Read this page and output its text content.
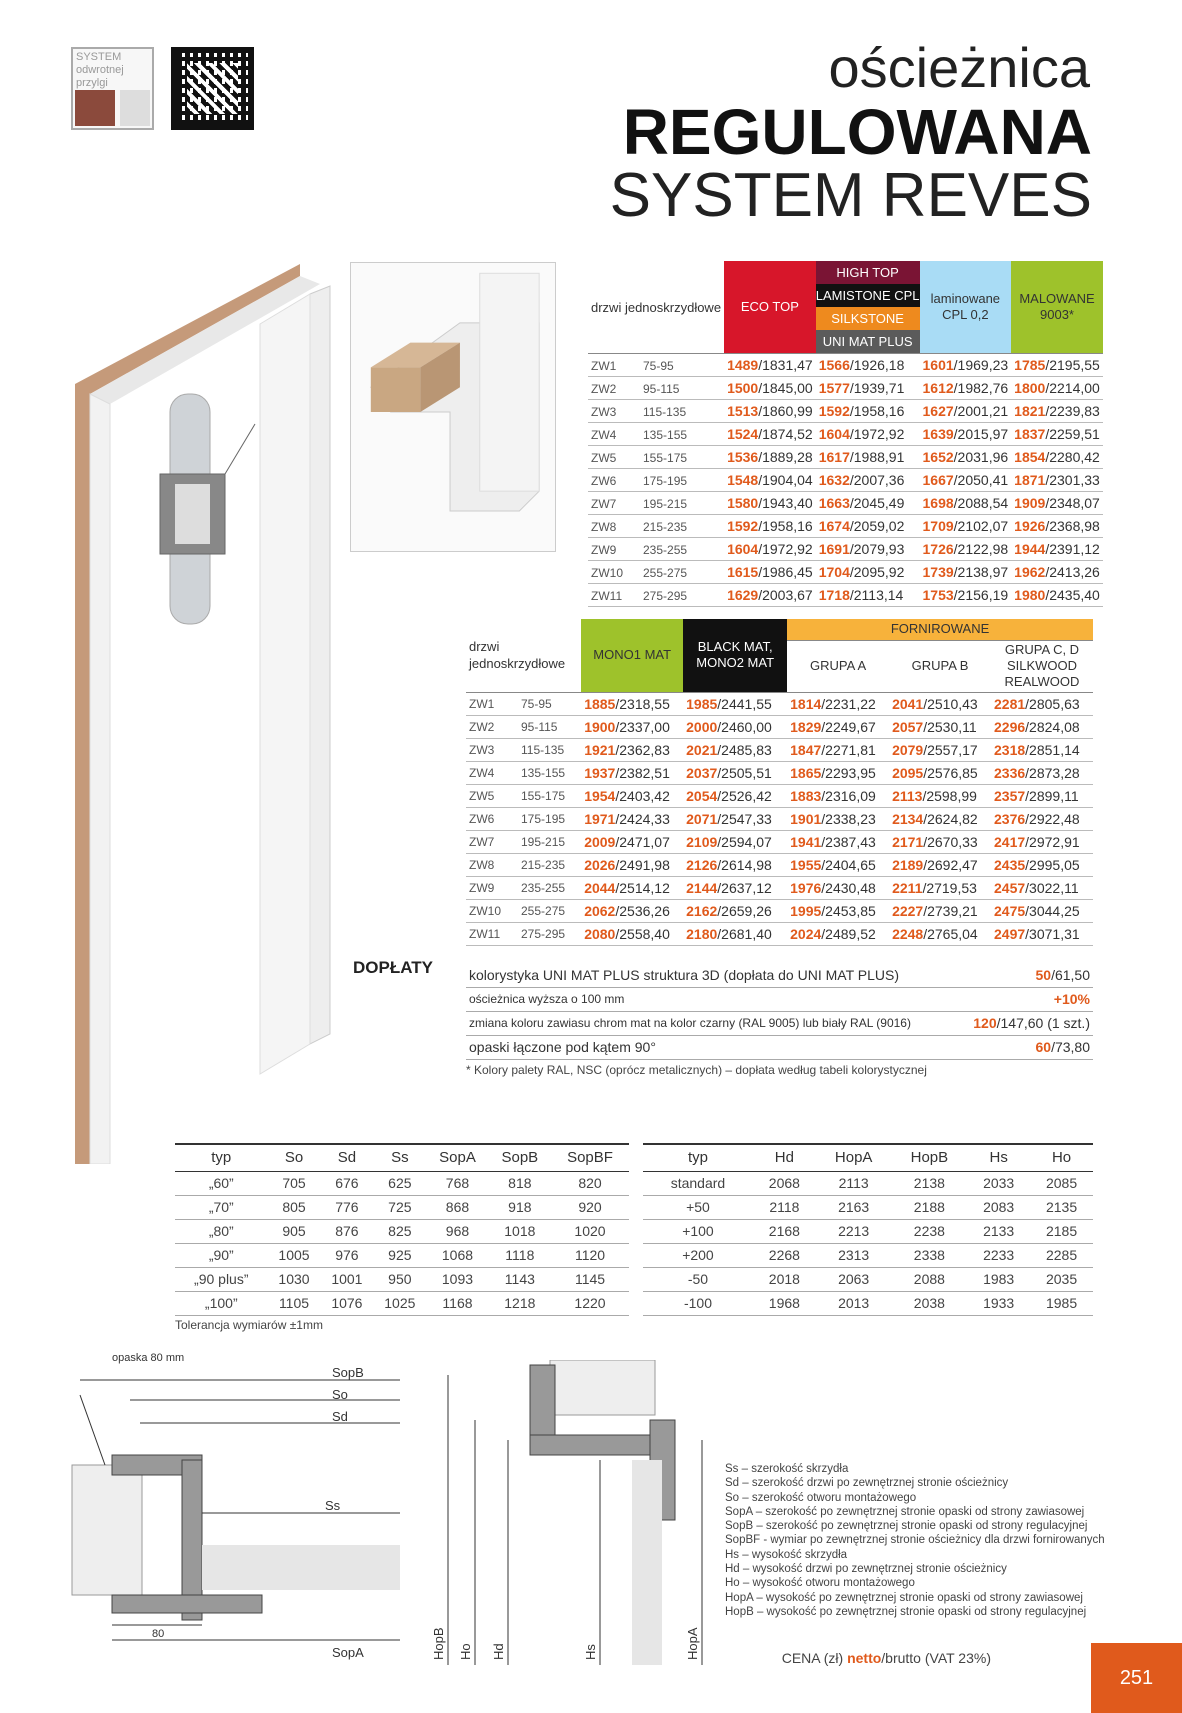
SYSTEM
odwrotnej
przylgi	ościeżnica
REGULOWANA
SYSTEM REVES
drzwi jednoskrzydłowe	ECO TOP	HIGH TOP
LAMISTONE CPL
SILKSTONE
UNI MAT PLUS	laminowane CPL 0,2	MALOWANE 9003*
ZW1 75-95	1489/1831,47	1566/1926,18	1601/1969,23	1785/2195,55
ZW2 95-115	1500/1845,00	1577/1939,71	1612/1982,76	1800/2214,00
ZW3 115-135	1513/1860,99	1592/1958,16	1627/2001,21	1821/2239,83
ZW4 135-155	1524/1874,52	1604/1972,92	1639/2015,97	1837/2259,51
ZW5 155-175	1536/1889,28	1617/1988,91	1652/2031,96	1854/2280,42
ZW6 175-195	1548/1904,04	1632/2007,36	1667/2050,41	1871/2301,33
ZW7 195-215	1580/1943,40	1663/2045,49	1698/2088,54	1909/2348,07
ZW8 215-235	1592/1958,16	1674/2059,02	1709/2102,07	1926/2368,98
ZW9 235-255	1604/1972,92	1691/2079,93	1726/2122,98	1944/2391,12
ZW10 255-275	1615/1986,45	1704/2095,92	1739/2138,97	1962/2413,26
ZW11 275-295	1629/2003,67	1718/2113,14	1753/2156,19	1980/2435,40
drzwi jednoskrzydłowe	MONO1 MAT	BLACK MAT, MONO2 MAT	FORNIROWANE		
			GRUPA A	GRUPA B	GRUPA C, D SILKWOOD REALWOOD
ZW1 75-95	1885/2318,55	1985/2441,55	1814/2231,22	2041/2510,43	2281/2805,63
ZW2 95-115	1900/2337,00	2000/2460,00	1829/2249,67	2057/2530,11	2296/2824,08
ZW3 115-135	1921/2362,83	2021/2485,83	1847/2271,81	2079/2557,17	2318/2851,14
ZW4 135-155	1937/2382,51	2037/2505,51	1865/2293,95	2095/2576,85	2336/2873,28
ZW5 155-175	1954/2403,42	2054/2526,42	1883/2316,09	2113/2598,99	2357/2899,11
ZW6 175-195	1971/2424,33	2071/2547,33	1901/2338,23	2134/2624,82	2376/2922,48
ZW7 195-215	2009/2471,07	2109/2594,07	1941/2387,43	2171/2670,33	2417/2972,91
ZW8 215-235	2026/2491,98	2126/2614,98	1955/2404,65	2189/2692,47	2435/2995,05
ZW9 235-255	2044/2514,12	2144/2637,12	1976/2430,48	2211/2719,53	2457/3022,11
ZW10 255-275	2062/2536,26	2162/2659,26	1995/2453,85	2227/2739,21	2475/3044,25
ZW11 275-295	2080/2558,40	2180/2681,40	2024/2489,52	2248/2765,04	2497/3071,31
DOPŁATY	kolorystyka UNI MAT PLUS struktura 3D (dopłata do UNI MAT PLUS)	50/61,50
ościeżnica wyższa o 100 mm	+10%
zmiana koloru zawiasu chrom mat na kolor czarny (RAL 9005) lub biały RAL (9016)	120/147,60 (1 szt.)
opaski łączone pod kątem 90°	60/73,80
* Kolory palety RAL, NSC (oprócz metalicznych) – dopłata według tabeli kolorystycznej
typ	So	Sd	Ss	SopA	SopB	SopBF
„60”	705	676	625	768	818	820
„70”	805	776	725	868	918	920
„80”	905	876	825	968	1018	1020
„90”	1005	976	925	1068	1118	1120
„90 plus”	1030	1001	950	1093	1143	1145
„100”	1105	1076	1025	1168	1218	1220
Tolerancja wymiarów ±1mm
typ	Hd	HopA	HopB	Hs	Ho
standard	2068	2113	2138	2033	2085
+50	2118	2163	2188	2083	2135
+100	2168	2213	2238	2133	2185
+200	2268	2313	2338	2233	2285
-50	2018	2063	2088	1983	2035
-100	1968	2013	2038	1933	1985
opaska 80 mm
SopB
So
Sd
Ss
SopA
80	HopB Ho Hd	Hs	HopA
Ss – szerokość skrzydła
Sd – szerokość drzwi po zewnętrznej stronie ościeżnicy
So – szerokość otworu montażowego
SopA – szerokość po zewnętrznej stronie opaski od strony zawiasowej
SopB – szerokość po zewnętrznej stronie opaski od strony regulacyjnej
SopBF - wymiar po zewnętrznej stronie ościeżnicy dla drzwi fornirowanych
Hs – wysokość skrzydła
Hd – wysokość drzwi po zewnętrznej stronie ościeżnicy
Ho – wysokość otworu montażowego
HopA – wysokość po zewnętrznej stronie opaski od strony zawiasowej
HopB – wysokość po zewnętrznej stronie opaski od strony regulacyjnej
CENA (zł) netto/brutto (VAT 23%)
251
